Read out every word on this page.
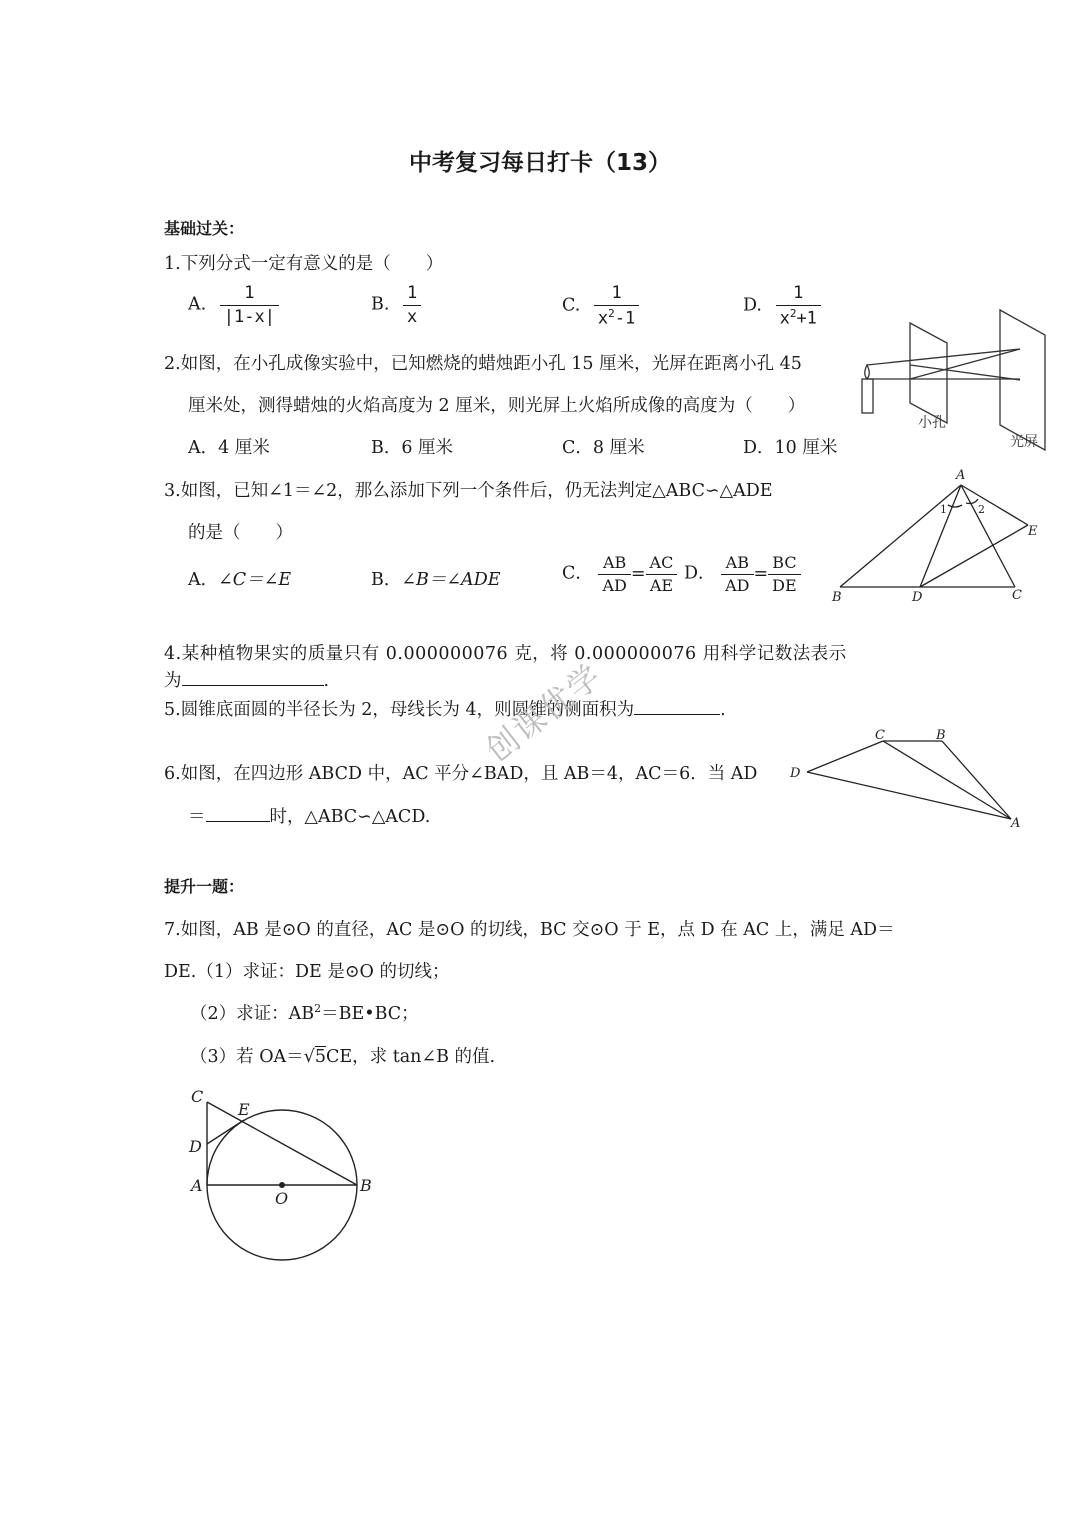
中考复习每日打卡（13）
基础过关：
1.下列分式一定有意义的是（　　）
A. $\frac{1}{|1-x|}$	B. $\frac{1}{x}$	C. $\frac{1}{x^2-1}$	D. $\frac{1}{x^2+1}$
2.如图，在小孔成像实验中，已知燃烧的蜡烛距小孔 15 厘米，光屏在距离小孔 45
厘米处，测得蜡烛的火焰高度为 2 厘米，则光屏上火焰所成像的高度为（　　）
A．4 厘米	B．6 厘米	C．8 厘米	D．10 厘米
小孔
光屏
3.如图，已知∠1＝∠2，那么添加下列一个条件后，仍无法判定△ABC∽△ADE
的是（　　）
A．∠C＝∠E	B．∠B＝∠ADE	C． $\frac{AB}{AD} = \frac{AC}{AE}$ D． $\frac{AB}{AD} = \frac{BC}{DE}$
A
B	C
D
E
1	2
4.某种植物果实的质量只有 0.000000076 克，将 0.000000076 用科学记数法表示
为	.
5.圆锥底面圆的半径长为 2，母线长为 4，则圆锥的侧面积为	.
6.如图，在四边形 ABCD 中，AC 平分∠BAD，且 AB＝4，AC＝6．当 AD
＝	时，△ABC∽△ACD.	A
B
C
D
提升一题：
7.如图，AB 是⊙O 的直径，AC 是⊙O 的切线，BC 交⊙O 于 E，点 D 在 AC 上，满足 AD＝
DE.（1）求证：DE 是⊙O 的切线；
（2）求证：$AB^2=BE•BC$；
（3）若 OA＝√5CE，求 tan∠B 的值.
A	B
C
D
E
O
创课优学
